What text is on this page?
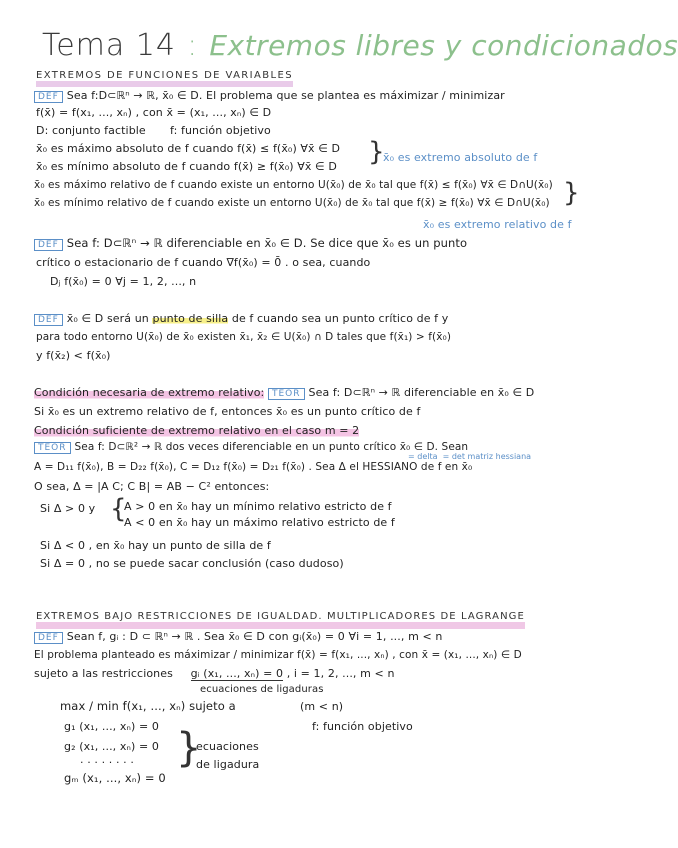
Tema 14 : Extremos libres y condicionados
EXTREMOS DE FUNCIONES DE VARIABLES
DEF Sea f:D⊂ℝⁿ → ℝ, x̄₀ ∈ D. El problema que se plantea es máximizar / minimizar
f(x̄) = f(x₁, ..., xₙ) , con x̄ = (x₁, ..., xₙ) ∈ D
D: conjunto factible f: función objetivo
x̄₀ es máximo absoluto de f cuando f(x̄) ≤ f(x̄₀) ∀x̄ ∈ D
x̄₀ es mínimo absoluto de f cuando f(x̄) ≥ f(x̄₀) ∀x̄ ∈ D }
x̄₀ es extremo absoluto de f
x̄₀ es máximo relativo de f cuando existe un entorno U(x̄₀) de x̄₀ tal que f(x̄) ≤ f(x̄₀) ∀x̄ ∈ D∩U(x̄₀)
x̄₀ es mínimo relativo de f cuando existe un entorno U(x̄₀) de x̄₀ tal que f(x̄) ≥ f(x̄₀) ∀x̄ ∈ D∩U(x̄₀) }
x̄₀ es extremo relativo de f
DEF Sea f: D⊂ℝⁿ → ℝ diferenciable en x̄₀ ∈ D. Se dice que x̄₀ es un punto
crítico o estacionario de f cuando ∇f(x̄₀) = 0̄ . o sea, cuando
Dⱼ f(x̄₀) = 0 ∀j = 1, 2, ..., n
DEF x̄₀ ∈ D será un punto de silla de f cuando sea un punto crítico de f y
para todo entorno U(x̄₀) de x̄₀ existen x̄₁, x̄₂ ∈ U(x̄₀) ∩ D tales que f(x̄₁) > f(x̄₀)
y f(x̄₂) < f(x̄₀)
Condición necesaria de extremo relativo: TEOR Sea f: D⊂ℝⁿ → ℝ diferenciable en x̄₀ ∈ D
Si x̄₀ es un extremo relativo de f, entonces x̄₀ es un punto crítico de f
Condición suficiente de extremo relativo en el caso m = 2
TEOR Sea f: D⊂ℝ² → ℝ dos veces diferenciable en un punto crítico x̄₀ ∈ D. Sean
= delta = det matriz hessiana
A = D₁₁ f(x̄₀), B = D₂₂ f(x̄₀), C = D₁₂ f(x̄₀) = D₂₁ f(x̄₀) . Sea Δ el HESSIANO de f en x̄₀
O sea, Δ = |A C; C B| = AB − C² entonces:
Si Δ > 0 y {
A > 0 en x̄₀ hay un mínimo relativo estricto de f
A < 0 en x̄₀ hay un máximo relativo estricto de f
Si Δ < 0 , en x̄₀ hay un punto de silla de f
Si Δ = 0 , no se puede sacar conclusión (caso dudoso)
EXTREMOS BAJO RESTRICCIONES DE IGUALDAD. MULTIPLICADORES DE LAGRANGE
DEF Sean f, gᵢ : D ⊂ ℝⁿ → ℝ . Sea x̄₀ ∈ D con gᵢ(x̄₀) = 0 ∀i = 1, ..., m < n
El problema planteado es máximizar / minimizar f(x̄) = f(x₁, ..., xₙ) , con x̄ = (x₁, ..., xₙ) ∈ D
sujeto a las restricciones gᵢ (x₁, ..., xₙ) = 0 , i = 1, 2, ..., m < n
ecuaciones de ligaduras
max / min f(x₁, ..., xₙ) sujeto a	(m < n)
f: función objetivo
g₁ (x₁, ..., xₙ) = 0
g₂ (x₁, ..., xₙ) = 0
· · · · · · · ·
gₘ (x₁, ..., xₙ) = 0
}
ecuaciones
de ligadura
